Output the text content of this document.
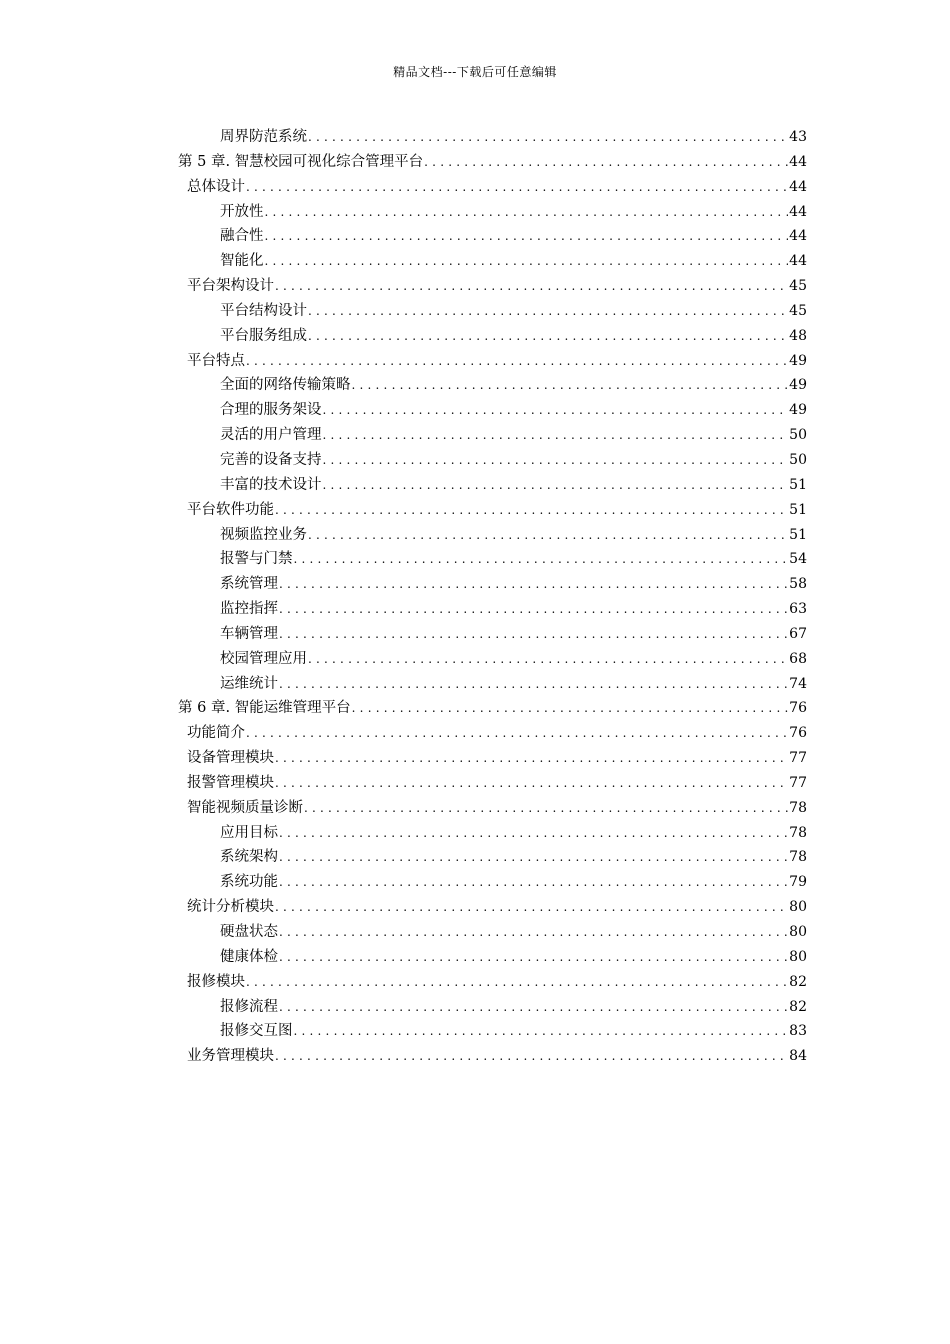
精品文档---下载后可任意编辑
周界防范系统 .....	43
第 5 章. 智慧校园可视化综合管理平台 .....	44
总体设计 .....	44
开放性 .....	44
融合性 .....	44
智能化 .....	44
平台架构设计 .....	45
平台结构设计 .....	45
平台服务组成 .....	48
平台特点 .....	49
全面的网络传输策略 .....	49
合理的服务架设 .....	49
灵活的用户管理 .....	50
完善的设备支持 .....	50
丰富的技术设计 .....	51
平台软件功能 .....	51
视频监控业务 .....	51
报警与门禁 .....	54
系统管理 .....	58
监控指挥 .....	63
车辆管理 .....	67
校园管理应用 .....	68
运维统计 .....	74
第 6 章. 智能运维管理平台 .....	76
功能简介 .....	76
设备管理模块 .....	77
报警管理模块 .....	77
智能视频质量诊断 .....	78
应用目标 .....	78
系统架构 .....	78
系统功能 .....	79
统计分析模块 .....	80
硬盘状态 .....	80
健康体检 .....	80
报修模块 .....	82
报修流程 .....	82
报修交互图 .....	83
业务管理模块 .....	84
